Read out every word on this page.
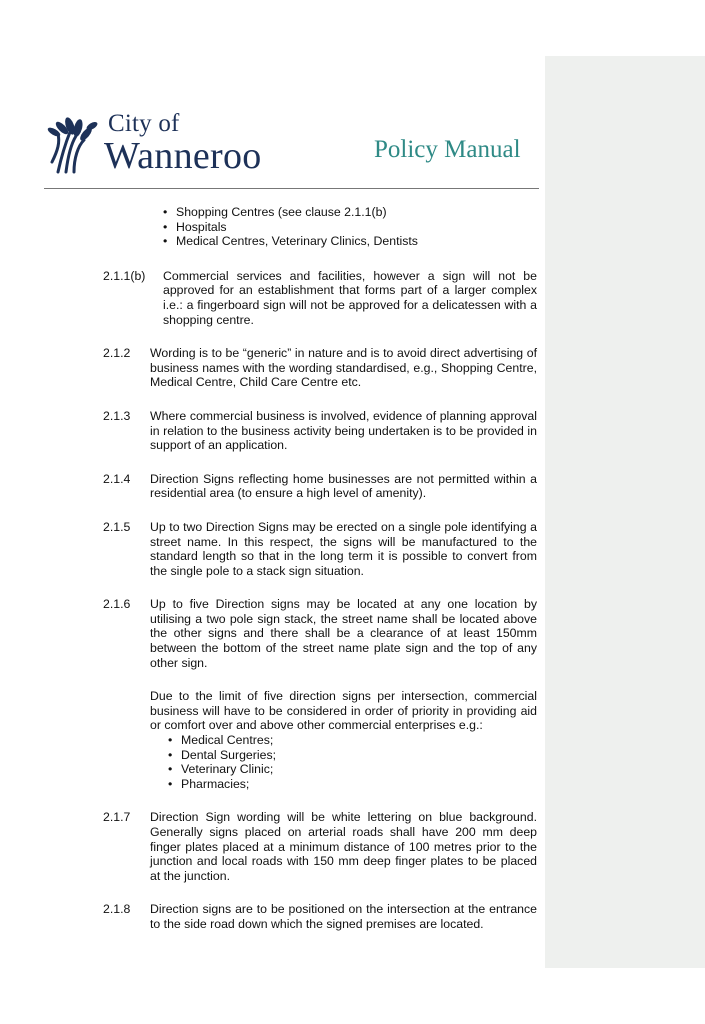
City of
Wanneroo	Policy Manual
• Shopping Centres (see clause 2.1.1(b)
• Hospitals
• Medical Centres, Veterinary Clinics, Dentists
2.1.1(b)	Commercial services and facilities, however a sign will not be approved for an establishment that forms part of a larger complex i.e.: a fingerboard sign will not be approved for a delicatessen with a shopping centre.
2.1.2	Wording is to be “generic” in nature and is to avoid direct advertising of business names with the wording standardised, e.g., Shopping Centre, Medical Centre, Child Care Centre etc.
2.1.3	Where commercial business is involved, evidence of planning approval in relation to the business activity being undertaken is to be provided in support of an application.
2.1.4	Direction Signs reflecting home businesses are not permitted within a residential area (to ensure a high level of amenity).
2.1.5	Up to two Direction Signs may be erected on a single pole identifying a street name. In this respect, the signs will be manufactured to the standard length so that in the long term it is possible to convert from the single pole to a stack sign situation.
2.1.6	Up to five Direction signs may be located at any one location by utilising a two pole sign stack, the street name shall be located above the other signs and there shall be a clearance of at least 150mm between the bottom of the street name plate sign and the top of any other sign.
Due to the limit of five direction signs per intersection, commercial business will have to be considered in order of priority in providing aid or comfort over and above other commercial enterprises e.g.:
• Medical Centres;
• Dental Surgeries;
• Veterinary Clinic;
• Pharmacies;
2.1.7	Direction Sign wording will be white lettering on blue background. Generally signs placed on arterial roads shall have 200 mm deep finger plates placed at a minimum distance of 100 metres prior to the junction and local roads with 150 mm deep finger plates to be placed at the junction.
2.1.8	Direction signs are to be positioned on the intersection at the entrance to the side road down which the signed premises are located.
